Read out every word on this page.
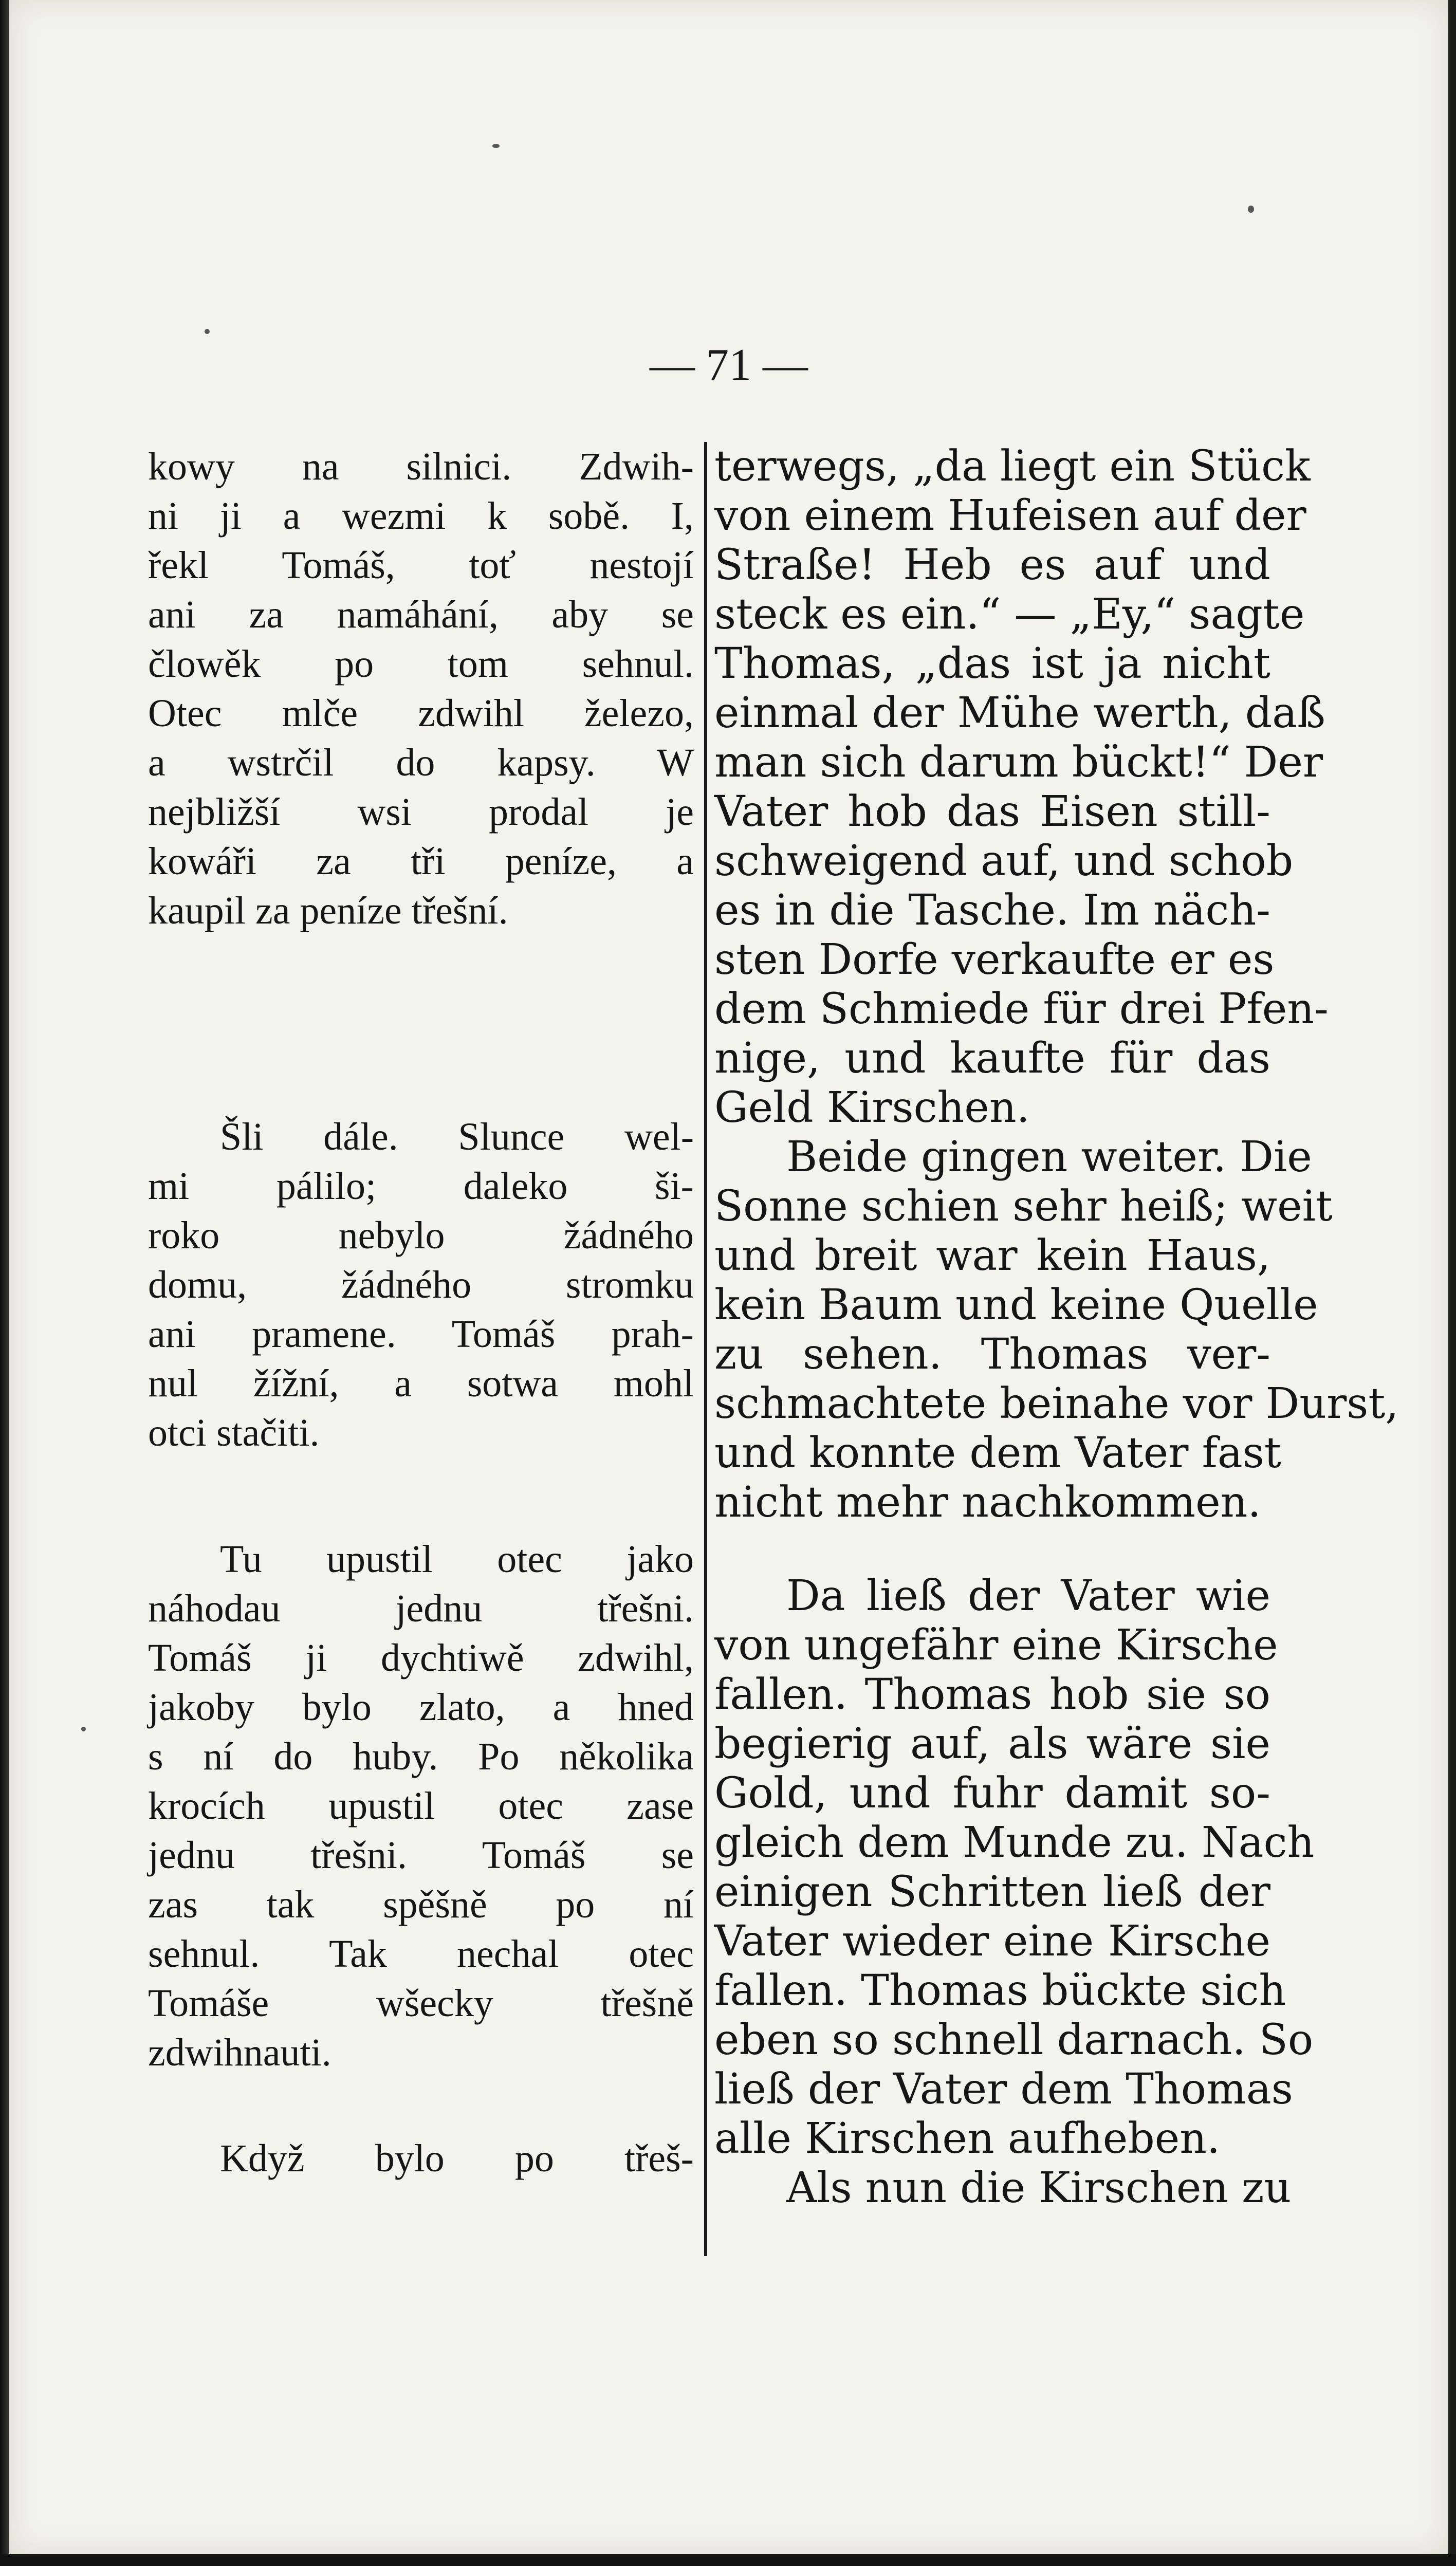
— 71 —
kowy na silnici. Zdwih-
ni ji a wezmi k sobě. I,
řekl Tomáš, toť nestojí
ani za namáhání, aby se
člowěk po tom sehnul.
Otec mlče zdwihl železo,
a wstrčil do kapsy. W
nejbližší wsi prodal je
kowáři za tři peníze, a
kaupil za peníze třešní.
Šli dále. Slunce wel-
mi pálilo; daleko ši-
roko nebylo žádného
domu, žádného stromku
ani pramene. Tomáš prah-
nul žížní, a sotwa mohl
otci stačiti.
Tu upustil otec jako
náhodau jednu třešni.
Tomáš ji dychtiwě zdwihl,
jakoby bylo zlato, a hned
s ní do huby. Po několika
krocích upustil otec zase
jednu třešni. Tomáš se
zas tak spěšně po ní
sehnul. Tak nechal otec
Tomáše wšecky třešně
zdwihnauti.
Když bylo po třeš-
terwegs, „da liegt ein Stück
von einem Hufeisen auf der
Straße! Heb es auf und
steck es ein.“ — „Ey,“ sagte
Thomas, „das ist ja nicht
einmal der Mühe werth, daß
man sich darum bückt!“ Der
Vater hob das Eisen still-
schweigend auf, und schob
es in die Tasche. Im näch-
sten Dorfe verkaufte er es
dem Schmiede für drei Pfen-
nige, und kaufte für das
Geld Kirschen.
Beide gingen weiter. Die
Sonne schien sehr heiß; weit
und breit war kein Haus,
kein Baum und keine Quelle
zu sehen. Thomas ver-
schmachtete beinahe vor Durst,
und konnte dem Vater fast
nicht mehr nachkommen.
Da ließ der Vater wie
von ungefähr eine Kirsche
fallen. Thomas hob sie so
begierig auf, als wäre sie
Gold, und fuhr damit so-
gleich dem Munde zu. Nach
einigen Schritten ließ der
Vater wieder eine Kirsche
fallen. Thomas bückte sich
eben so schnell darnach. So
ließ der Vater dem Thomas
alle Kirschen aufheben.
Als nun die Kirschen zu
